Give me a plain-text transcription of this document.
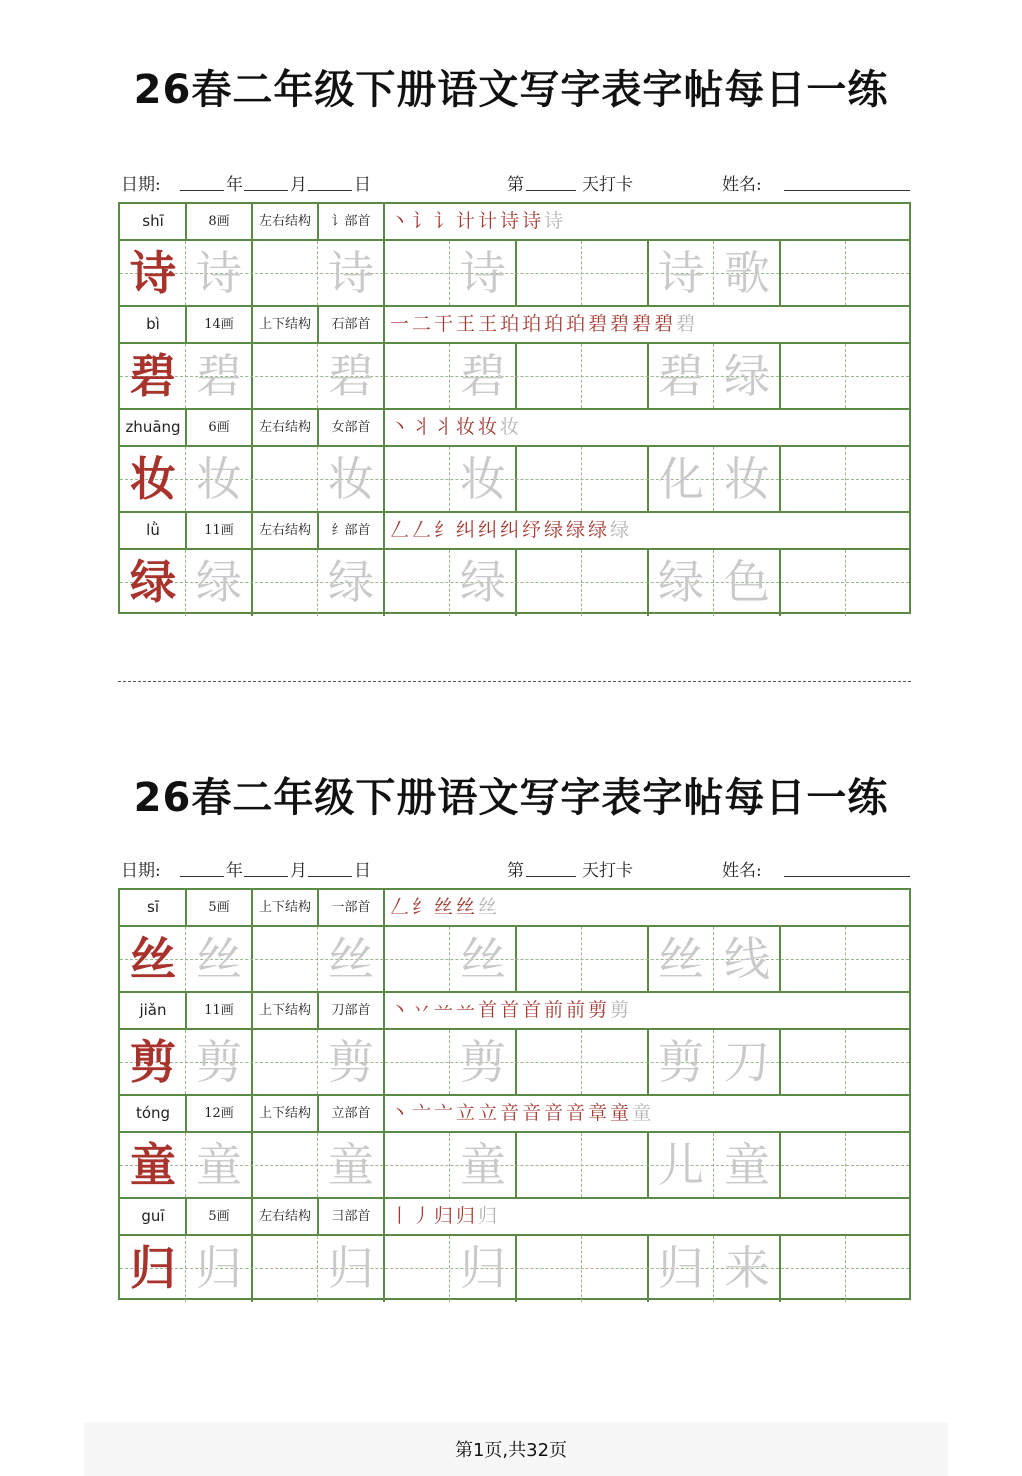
26春二年级下册语文写字表字帖每日一练
日期:	年	月	日	第	天打卡	姓名:
shī	8画	左右结构	讠部首	丶讠讠计计诗诗诗
诗 诗 诗 诗	诗 歌
bì	14画	上下结构	石部首	一二干王王珀珀珀珀碧碧碧碧碧
碧 碧 碧 碧	碧 绿
zhuāng	6画	左右结构	女部首	丶丬丬妆妆妆
妆 妆 妆 妆	化 妆
lǜ	11画	左右结构	纟部首	𠃋𠃋纟纠纠纠纾绿绿绿绿
绿 绿 绿 绿	绿 色
26春二年级下册语文写字表字帖每日一练
日期:	年	月	日	第	天打卡	姓名:
sī	5画	上下结构	一部首	𠃋纟丝丝丝
丝 丝 丝 丝	丝 线
jiǎn	11画	上下结构	刀部首	丶丷䒑䒑首首首前前剪剪
剪 剪 剪 剪	剪 刀
tóng	12画	上下结构	立部首	丶亠亠立立音音音音章童童
童 童 童 童	儿 童
guī	5画	左右结构	彐部首	丨丿归归归
归 归 归 归	归 来
第1页,共32页
